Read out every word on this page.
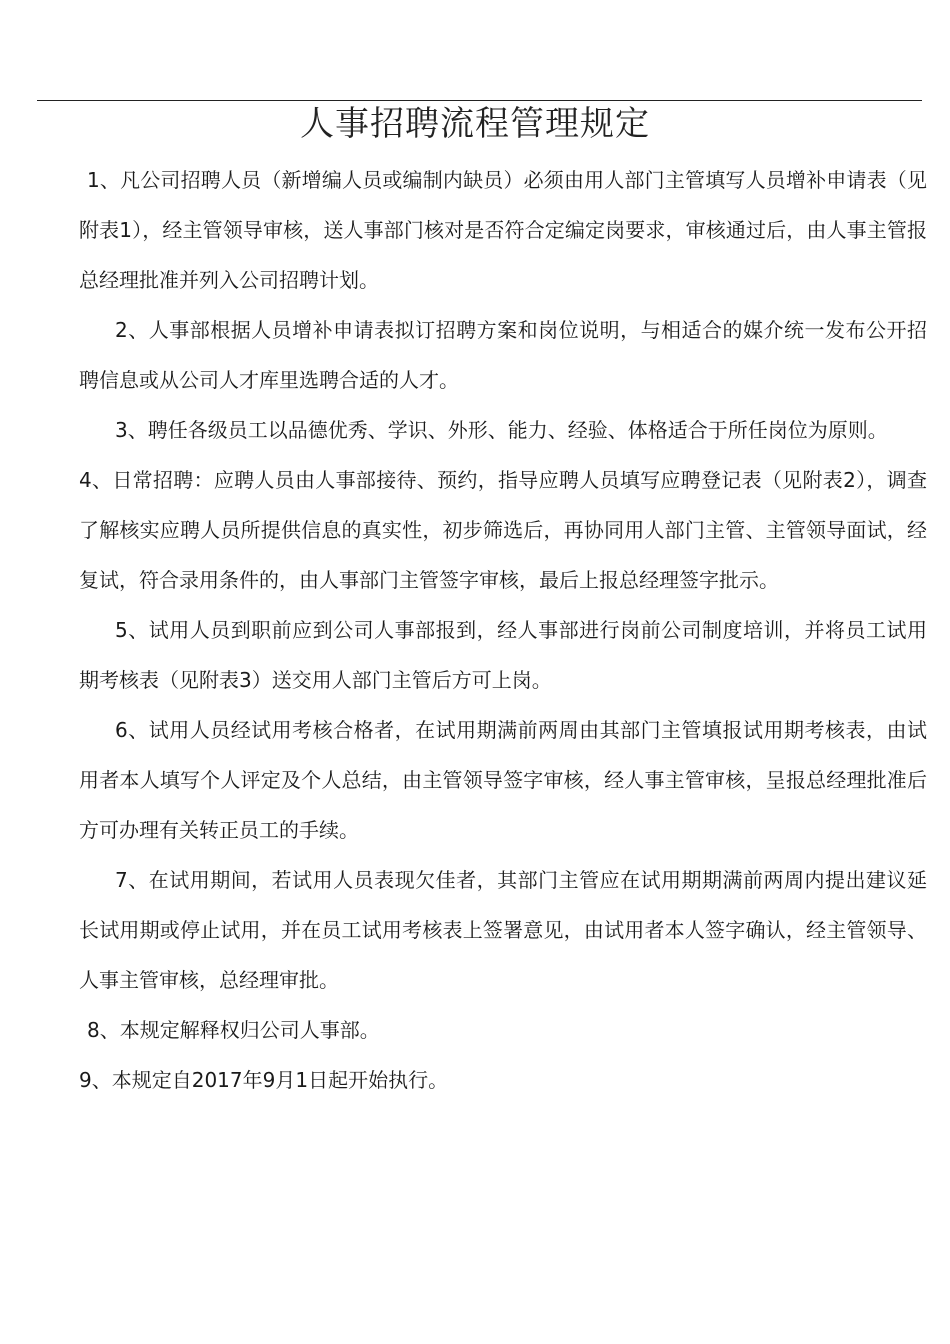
人事招聘流程管理规定

1、凡公司招聘人员（新增编人员或编制内缺员）必须由用人部门主管填写人员增补申请表（见附表1），经主管领导审核，送人事部门核对是否符合定编定岗要求，审核通过后，由人事主管报总经理批准并列入公司招聘计划。

2、人事部根据人员增补申请表拟订招聘方案和岗位说明，与相适合的媒介统一发布公开招聘信息或从公司人才库里选聘合适的人才。

3、聘任各级员工以品德优秀、学识、外形、能力、经验、体格适合于所任岗位为原则。

4、日常招聘：应聘人员由人事部接待、预约，指导应聘人员填写应聘登记表（见附表2），调查了解核实应聘人员所提供信息的真实性，初步筛选后，再协同用人部门主管、主管领导面试，经复试，符合录用条件的，由人事部门主管签字审核，最后上报总经理签字批示。

5、试用人员到职前应到公司人事部报到，经人事部进行岗前公司制度培训，并将员工试用期考核表（见附表3）送交用人部门主管后方可上岗。

6、试用人员经试用考核合格者，在试用期满前两周由其部门主管填报试用期考核表，由试用者本人填写个人评定及个人总结，由主管领导签字审核，经人事主管审核，呈报总经理批准后方可办理有关转正员工的手续。

7、在试用期间，若试用人员表现欠佳者，其部门主管应在试用期期满前两周内提出建议延长试用期或停止试用，并在员工试用考核表上签署意见，由试用者本人签字确认，经主管领导、人事主管审核，总经理审批。

8、本规定解释权归公司人事部。

9、本规定自2017年9月1日起开始执行。
